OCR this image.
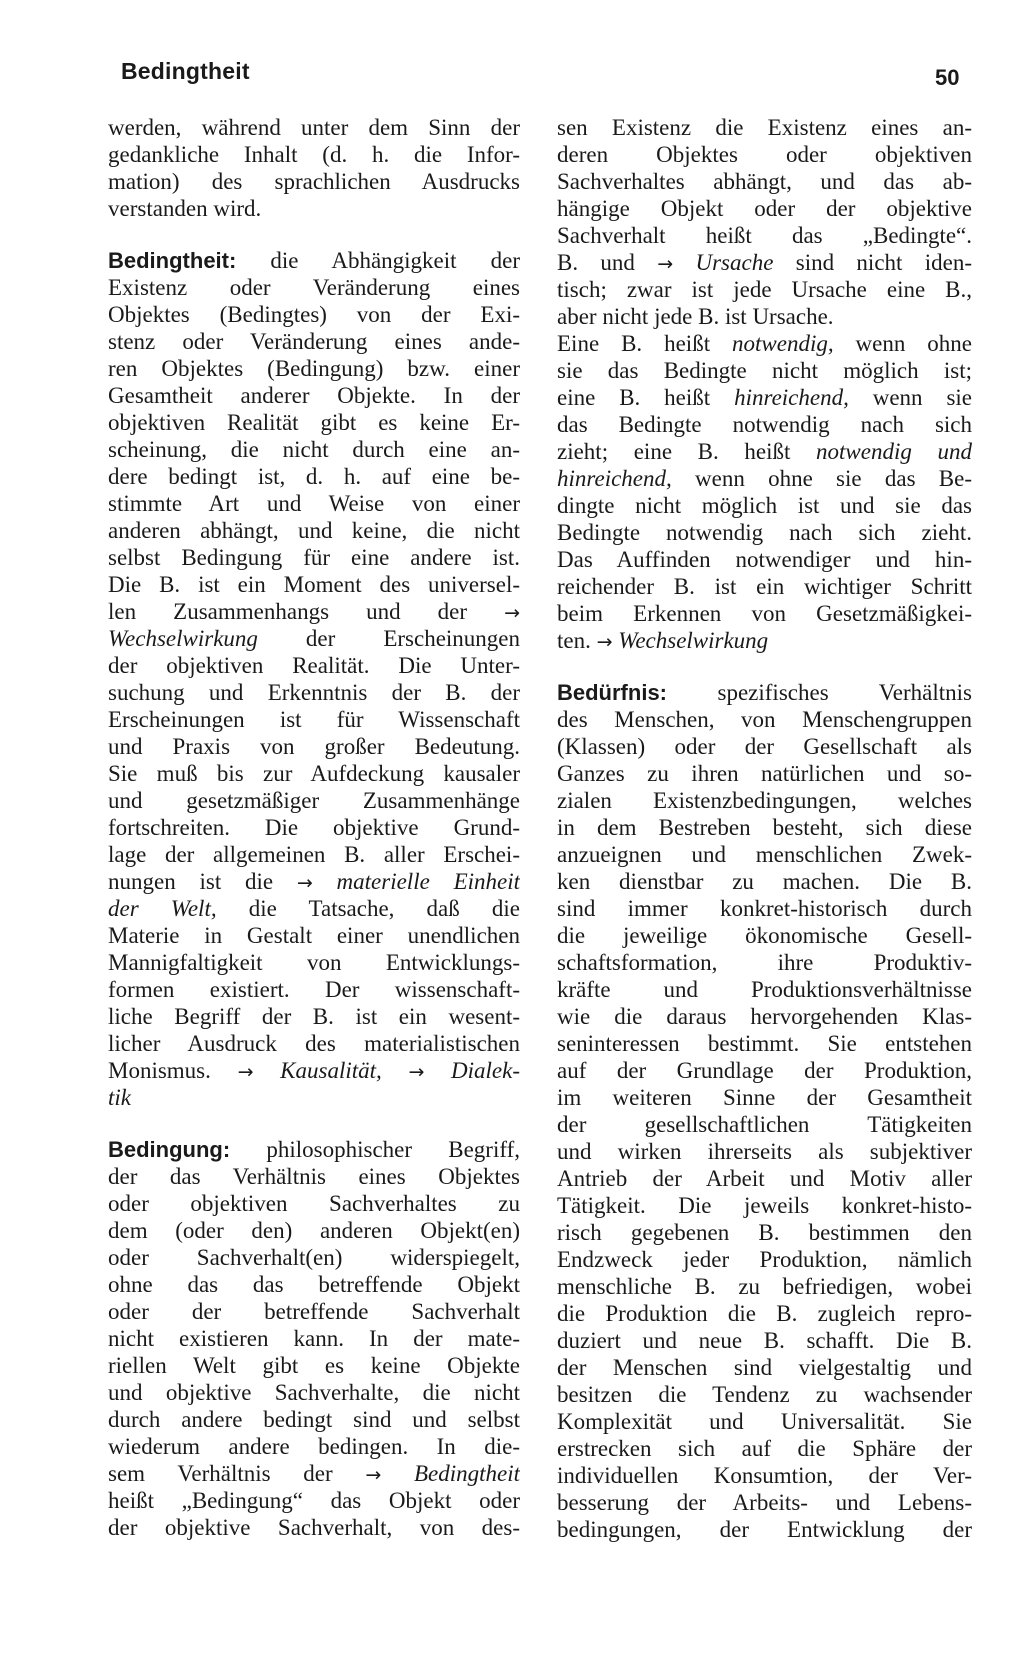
Bedingtheit	50
werden, während unter dem Sinn der
gedankliche Inhalt (d. h. die Infor-
mation) des sprachlichen Ausdrucks
verstanden wird.
Bedingtheit: die Abhängigkeit der
Existenz oder Veränderung eines
Objektes (Bedingtes) von der Exi-
stenz oder Veränderung eines ande-
ren Objektes (Bedingung) bzw. einer
Gesamtheit anderer Objekte. In der
objektiven Realität gibt es keine Er-
scheinung, die nicht durch eine an-
dere bedingt ist, d. h. auf eine be-
stimmte Art und Weise von einer
anderen abhängt, und keine, die nicht
selbst Bedingung für eine andere ist.
Die B. ist ein Moment des universel-
len Zusammenhangs und der →
Wechselwirkung der Erscheinungen
der objektiven Realität. Die Unter-
suchung und Erkenntnis der B. der
Erscheinungen ist für Wissenschaft
und Praxis von großer Bedeutung.
Sie muß bis zur Aufdeckung kausaler
und gesetzmäßiger Zusammenhänge
fortschreiten. Die objektive Grund-
lage der allgemeinen B. aller Erschei-
nungen ist die → materielle Einheit
der Welt, die Tatsache, daß die
Materie in Gestalt einer unendlichen
Mannigfaltigkeit von Entwicklungs-
formen existiert. Der wissenschaft-
liche Begriff der B. ist ein wesent-
licher Ausdruck des materialistischen
Monismus. → Kausalität, → Dialek-
tik
Bedingung: philosophischer Begriff,
der das Verhältnis eines Objektes
oder objektiven Sachverhaltes zu
dem (oder den) anderen Objekt(en)
oder Sachverhalt(en) widerspiegelt,
ohne das das betreffende Objekt
oder der betreffende Sachverhalt
nicht existieren kann. In der mate-
riellen Welt gibt es keine Objekte
und objektive Sachverhalte, die nicht
durch andere bedingt sind und selbst
wiederum andere bedingen. In die-
sem Verhältnis der → Bedingtheit
heißt „Bedingung“ das Objekt oder
der objektive Sachverhalt, von des-
sen Existenz die Existenz eines an-
deren Objektes oder objektiven
Sachverhaltes abhängt, und das ab-
hängige Objekt oder der objektive
Sachverhalt heißt das „Bedingte“.
B. und → Ursache sind nicht iden-
tisch; zwar ist jede Ursache eine B.,
aber nicht jede B. ist Ursache.
Eine B. heißt notwendig, wenn ohne
sie das Bedingte nicht möglich ist;
eine B. heißt hinreichend, wenn sie
das Bedingte notwendig nach sich
zieht; eine B. heißt notwendig und
hinreichend, wenn ohne sie das Be-
dingte nicht möglich ist und sie das
Bedingte notwendig nach sich zieht.
Das Auffinden notwendiger und hin-
reichender B. ist ein wichtiger Schritt
beim Erkennen von Gesetzmäßigkei-
ten. → Wechselwirkung
Bedürfnis: spezifisches Verhältnis
des Menschen, von Menschengruppen
(Klassen) oder der Gesellschaft als
Ganzes zu ihren natürlichen und so-
zialen Existenzbedingungen, welches
in dem Bestreben besteht, sich diese
anzueignen und menschlichen Zwek-
ken dienstbar zu machen. Die B.
sind immer konkret-historisch durch
die jeweilige ökonomische Gesell-
schaftsformation, ihre Produktiv-
kräfte und Produktionsverhältnisse
wie die daraus hervorgehenden Klas-
seninteressen bestimmt. Sie entstehen
auf der Grundlage der Produktion,
im weiteren Sinne der Gesamtheit
der gesellschaftlichen Tätigkeiten
und wirken ihrerseits als subjektiver
Antrieb der Arbeit und Motiv aller
Tätigkeit. Die jeweils konkret-histo-
risch gegebenen B. bestimmen den
Endzweck jeder Produktion, nämlich
menschliche B. zu befriedigen, wobei
die Produktion die B. zugleich repro-
duziert und neue B. schafft. Die B.
der Menschen sind vielgestaltig und
besitzen die Tendenz zu wachsender
Komplexität und Universalität. Sie
erstrecken sich auf die Sphäre der
individuellen Konsumtion, der Ver-
besserung der Arbeits- und Lebens-
bedingungen, der Entwicklung der
